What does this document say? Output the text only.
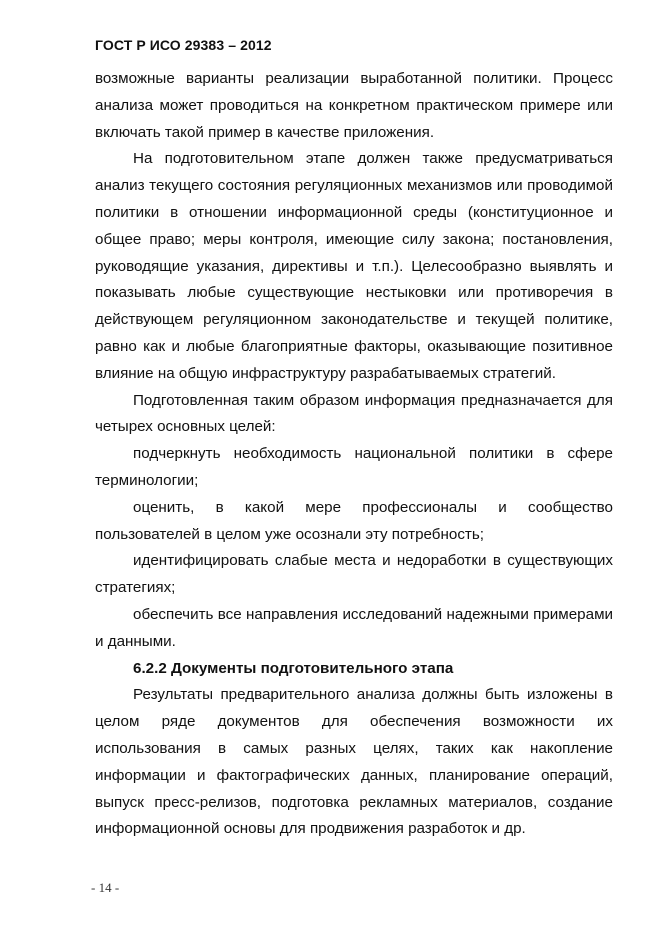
ГОСТ Р ИСО 29383 – 2012

возможные варианты реализации выработанной политики. Процесс анализа может проводиться на конкретном практическом примере или включать такой пример в качестве приложения.

На подготовительном этапе должен также предусматриваться анализ текущего состояния регуляционных механизмов или проводимой политики в отношении информационной среды (конституционное и общее право; меры контроля, имеющие силу закона; постановления, руководящие указания, директивы и т.п.). Целесообразно выявлять и показывать любые существующие нестыковки или противоречия в действующем регуляционном законодательстве и текущей политике, равно как и любые благоприятные факторы, оказывающие позитивное влияние на общую инфраструктуру разрабатываемых стратегий.

Подготовленная таким образом информация предназначается для четырех основных целей:

подчеркнуть необходимость национальной политики в сфере терминологии;

оценить, в какой мере профессионалы и сообщество пользователей в целом уже осознали эту потребность;

идентифицировать слабые места и недоработки в существующих стратегиях;

обеспечить все направления исследований надежными примерами и данными.

6.2.2 Документы подготовительного этапа

Результаты предварительного анализа должны быть изложены в целом ряде документов для обеспечения возможности их использования в самых разных целях, таких как накопление информации и фактографических данных, планирование операций, выпуск пресс-релизов, подготовка рекламных материалов, создание информационной основы для продвижения разработок и др.

- 14 -
